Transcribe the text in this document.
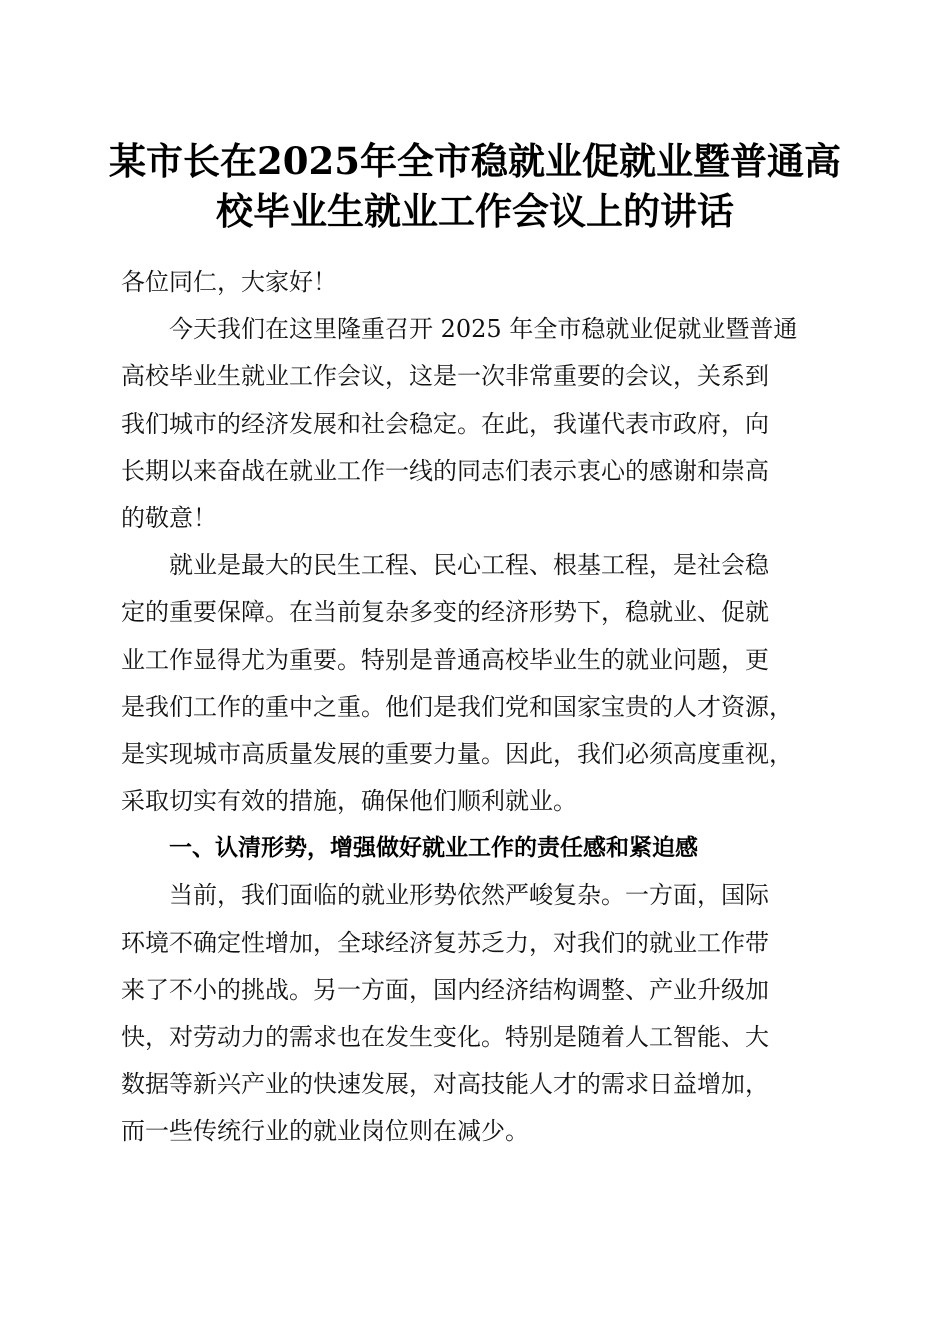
某市长在2025年全市稳就业促就业暨普通高
校毕业生就业工作会议上的讲话
各位同仁，大家好！
今天我们在这里隆重召开 2025 年全市稳就业促就业暨普通
高校毕业生就业工作会议，这是一次非常重要的会议，关系到
我们城市的经济发展和社会稳定。在此，我谨代表市政府，向
长期以来奋战在就业工作一线的同志们表示衷心的感谢和崇高
的敬意！
就业是最大的民生工程、民心工程、根基工程，是社会稳
定的重要保障。在当前复杂多变的经济形势下，稳就业、促就
业工作显得尤为重要。特别是普通高校毕业生的就业问题，更
是我们工作的重中之重。他们是我们党和国家宝贵的人才资源，
是实现城市高质量发展的重要力量。因此，我们必须高度重视，
采取切实有效的措施，确保他们顺利就业。
一、认清形势，增强做好就业工作的责任感和紧迫感
当前，我们面临的就业形势依然严峻复杂。一方面，国际
环境不确定性增加，全球经济复苏乏力，对我们的就业工作带
来了不小的挑战。另一方面，国内经济结构调整、产业升级加
快，对劳动力的需求也在发生变化。特别是随着人工智能、大
数据等新兴产业的快速发展，对高技能人才的需求日益增加，
而一些传统行业的就业岗位则在减少。
